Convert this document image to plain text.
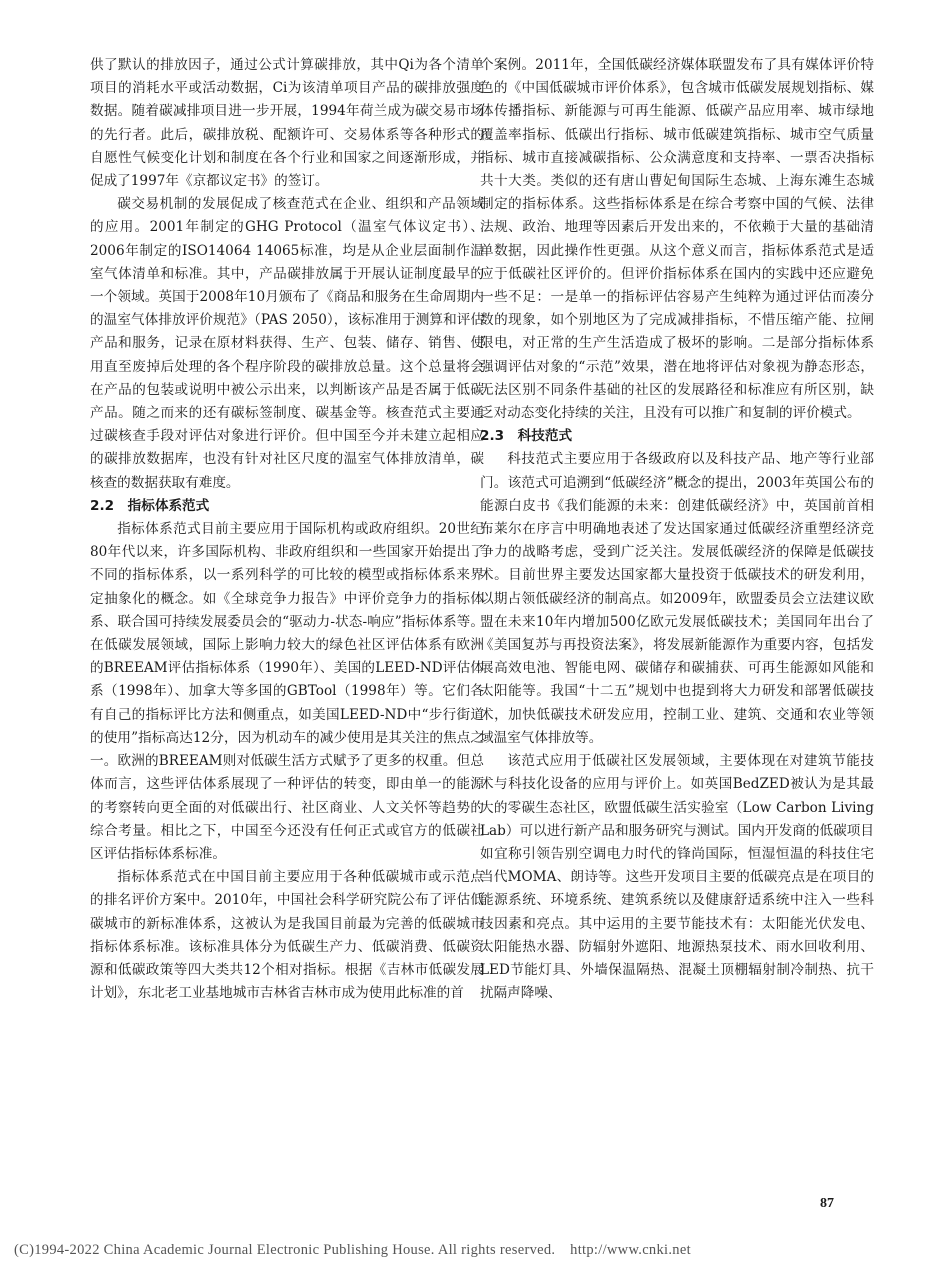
供了默认的排放因子，通过公式计算碳排放，其中Qi为各个清单项目的消耗水平或活动数据，Ci为该清单项目产品的碳排放强度数据。随着碳减排项目进一步开展，1994年荷兰成为碳交易市场的先行者。此后，碳排放税、配额许可、交易体系等各种形式的自愿性气候变化计划和制度在各个行业和国家之间逐渐形成，并促成了1997年《京都议定书》的签订。

碳交易机制的发展促成了核查范式在企业、组织和产品领域的应用。2001年制定的GHG Protocol（温室气体议定书）、2006年制定的ISO14064 14065标准，均是从企业层面制作温室气体清单和标准。其中，产品碳排放属于开展认证制度最早的一个领域。英国于2008年10月颁布了《商品和服务在生命周期内的温室气体排放评价规范》（PAS 2050），该标准用于测算和评估产品和服务，记录在原材料获得、生产、包装、储存、销售、使用直至废掉后处理的各个程序阶段的碳排放总量。这个总量将会在产品的包装或说明中被公示出来，以判断该产品是否属于低碳产品。随之而来的还有碳标签制度、碳基金等。核查范式主要通过碳核查手段对评估对象进行评价。但中国至今并未建立起相应的碳排放数据库，也没有针对社区尺度的温室气体排放清单，碳核查的数据获取有难度。

2.2　指标体系范式

指标体系范式目前主要应用于国际机构或政府组织。20世纪80年代以来，许多国际机构、非政府组织和一些国家开始提出了不同的指标体系，以一系列科学的可比较的模型或指标体系来界定抽象化的概念。如《全球竞争力报告》中评价竞争力的指标体系、联合国可持续发展委员会的“驱动力-状态-响应”指标体系等。在低碳发展领域，国际上影响力较大的绿色社区评估体系有欧洲的BREEAM评估指标体系（1990年）、美国的LEED-ND评估体系（1998年）、加拿大等多国的GBTool（1998年）等。它们各有自己的指标评比方法和侧重点，如美国LEED-ND中“步行街道的使用”指标高达12分，因为机动车的减少使用是其关注的焦点之一。欧洲的BREEAM则对低碳生活方式赋予了更多的权重。但总体而言，这些评估体系展现了一种评估的转变，即由单一的能源的考察转向更全面的对低碳出行、社区商业、人文关怀等趋势的综合考量。相比之下，中国至今还没有任何正式或官方的低碳社区评估指标体系标准。

指标体系范式在中国目前主要应用于各种低碳城市或示范点的排名评价方案中。2010年，中国社会科学研究院公布了评估低碳城市的新标准体系，这被认为是我国目前最为完善的低碳城市指标体系标准。该标准具体分为低碳生产力、低碳消费、低碳资源和低碳政策等四大类共12个相对指标。根据《吉林市低碳发展计划》，东北老工业基地城市吉林省吉林市成为使用此标准的首

个案例。2011年，全国低碳经济媒体联盟发布了具有媒体评价特色的《中国低碳城市评价体系》，包含城市低碳发展规划指标、媒体传播指标、新能源与可再生能源、低碳产品应用率、城市绿地覆盖率指标、低碳出行指标、城市低碳建筑指标、城市空气质量指标、城市直接减碳指标、公众满意度和支持率、一票否决指标共十大类。类似的还有唐山曹妃甸国际生态城、上海东滩生态城制定的指标体系。这些指标体系是在综合考察中国的气候、法律法规、政治、地理等因素后开发出来的，不依赖于大量的基础清单数据，因此操作性更强。从这个意义而言，指标体系范式是适应于低碳社区评价的。但评价指标体系在国内的实践中还应避免一些不足：一是单一的指标评估容易产生纯粹为通过评估而凑分数的现象，如个别地区为了完成减排指标，不惜压缩产能、拉闸限电，对正常的生产生活造成了极坏的影响。二是部分指标体系强调评估对象的“示范”效果，潜在地将评估对象视为静态形态，无法区别不同条件基础的社区的发展路径和标准应有所区别，缺乏对动态变化持续的关注，且没有可以推广和复制的评价模式。

2.3　科技范式

科技范式主要应用于各级政府以及科技产品、地产等行业部门。该范式可追溯到“低碳经济”概念的提出，2003年英国公布的能源白皮书《我们能源的未来：创建低碳经济》中，英国前首相布莱尔在序言中明确地表述了发达国家通过低碳经济重塑经济竞争力的战略考虑，受到广泛关注。发展低碳经济的保障是低碳技术。目前世界主要发达国家都大量投资于低碳技术的研发利用，以期占领低碳经济的制高点。如2009年，欧盟委员会立法建议欧盟在未来10年内增加500亿欧元发展低碳技术；美国同年出台了《美国复苏与再投资法案》，将发展新能源作为重要内容，包括发展高效电池、智能电网、碳储存和碳捕获、可再生能源如风能和太阳能等。我国“十二五”规划中也提到将大力研发和部署低碳技术，加快低碳技术研发应用，控制工业、建筑、交通和农业等领域温室气体排放等。

该范式应用于低碳社区发展领域，主要体现在对建筑节能技术与科技化设备的应用与评价上。如英国BedZED被认为是其最大的零碳生态社区，欧盟低碳生活实验室（Low Carbon Living Lab）可以进行新产品和服务研究与测试。国内开发商的低碳项目如宜称引领告别空调电力时代的锋尚国际，恒湿恒温的科技住宅当代MOMA、朗诗等。这些开发项目主要的低碳亮点是在项目的能源系统、环境系统、建筑系统以及健康舒适系统中注入一些科技因素和亮点。其中运用的主要节能技术有：太阳能光伏发电、太阳能热水器、防辐射外遮阳、地源热泵技术、雨水回收利用、LED节能灯具、外墙保温隔热、混凝土顶棚辐射制冷制热、抗干扰隔声降噪、

87
(C)1994-2022 China Academic Journal Electronic Publishing House. All rights reserved.　http://www.cnki.net
